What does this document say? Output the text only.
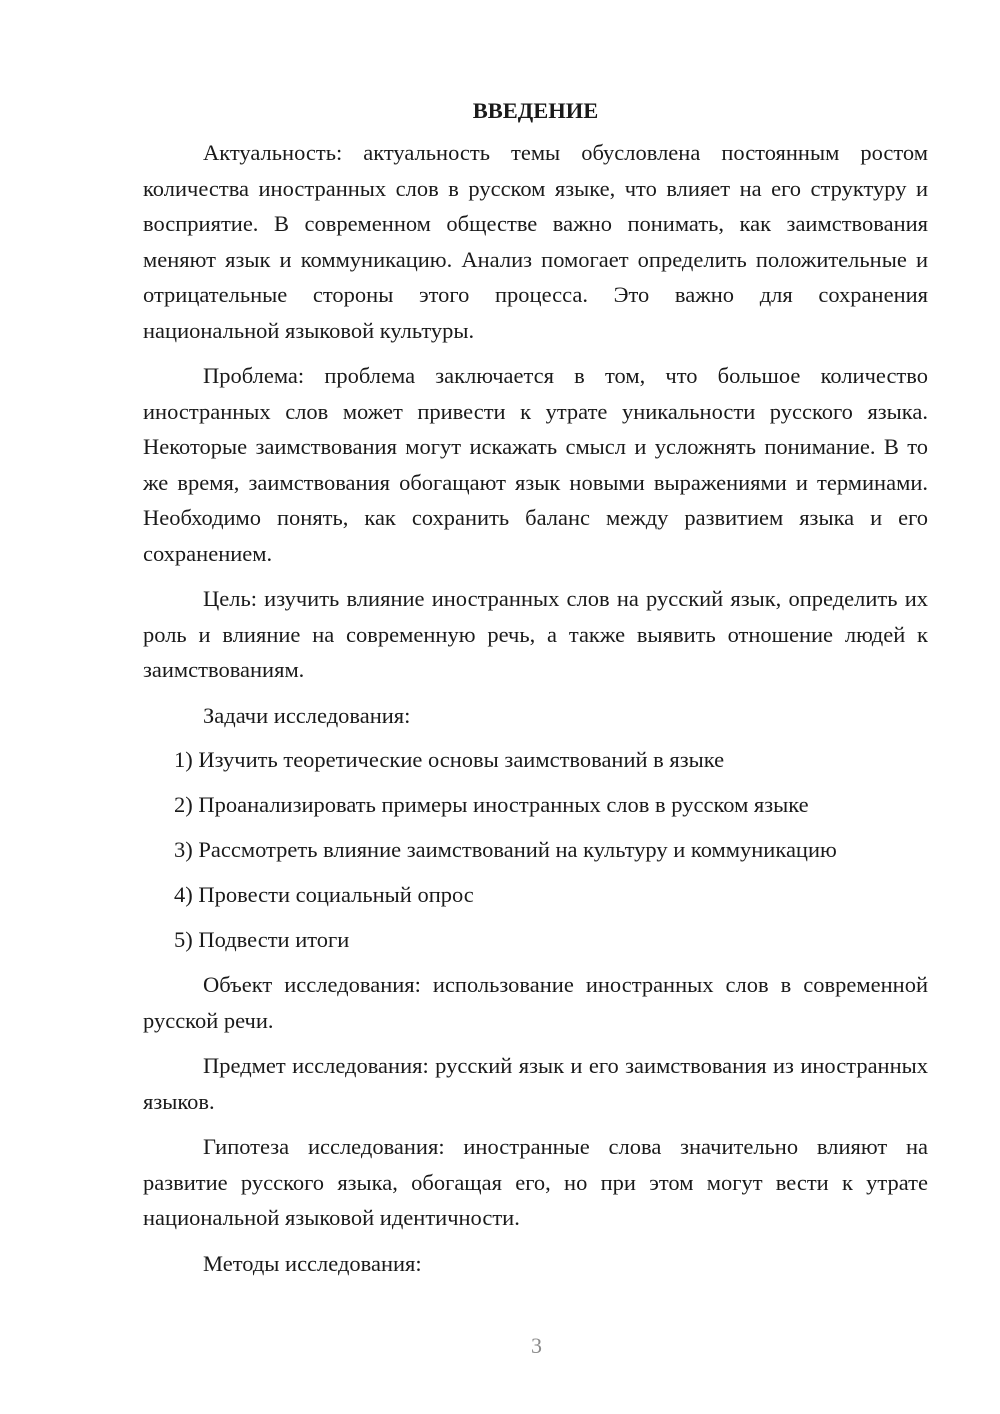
ВВЕДЕНИЕ

Актуальность: актуальность темы обусловлена постоянным ростом количества иностранных слов в русском языке, что влияет на его структуру и восприятие. В современном обществе важно понимать, как заимствования меняют язык и коммуникацию. Анализ помогает определить положительные и отрицательные стороны этого процесса. Это важно для сохранения национальной языковой культуры.

Проблема: проблема заключается в том, что большое количество иностранных слов может привести к утрате уникальности русского языка. Некоторые заимствования могут искажать смысл и усложнять понимание. В то же время, заимствования обогащают язык новыми выражениями и терминами. Необходимо понять, как сохранить баланс между развитием языка и его сохранением.

Цель: изучить влияние иностранных слов на русский язык, определить их роль и влияние на современную речь, а также выявить отношение людей к заимствованиям.

Задачи исследования:
1) Изучить теоретические основы заимствований в языке
2) Проанализировать примеры иностранных слов в русском языке
3) Рассмотреть влияние заимствований на культуру и коммуникацию
4) Провести социальный опрос
5) Подвести итоги

Объект исследования: использование иностранных слов в современной русской речи.

Предмет исследования: русский язык и его заимствования из иностранных языков.

Гипотеза исследования: иностранные слова значительно влияют на развитие русского языка, обогащая его, но при этом могут вести к утрате национальной языковой идентичности.

Методы исследования:
3
